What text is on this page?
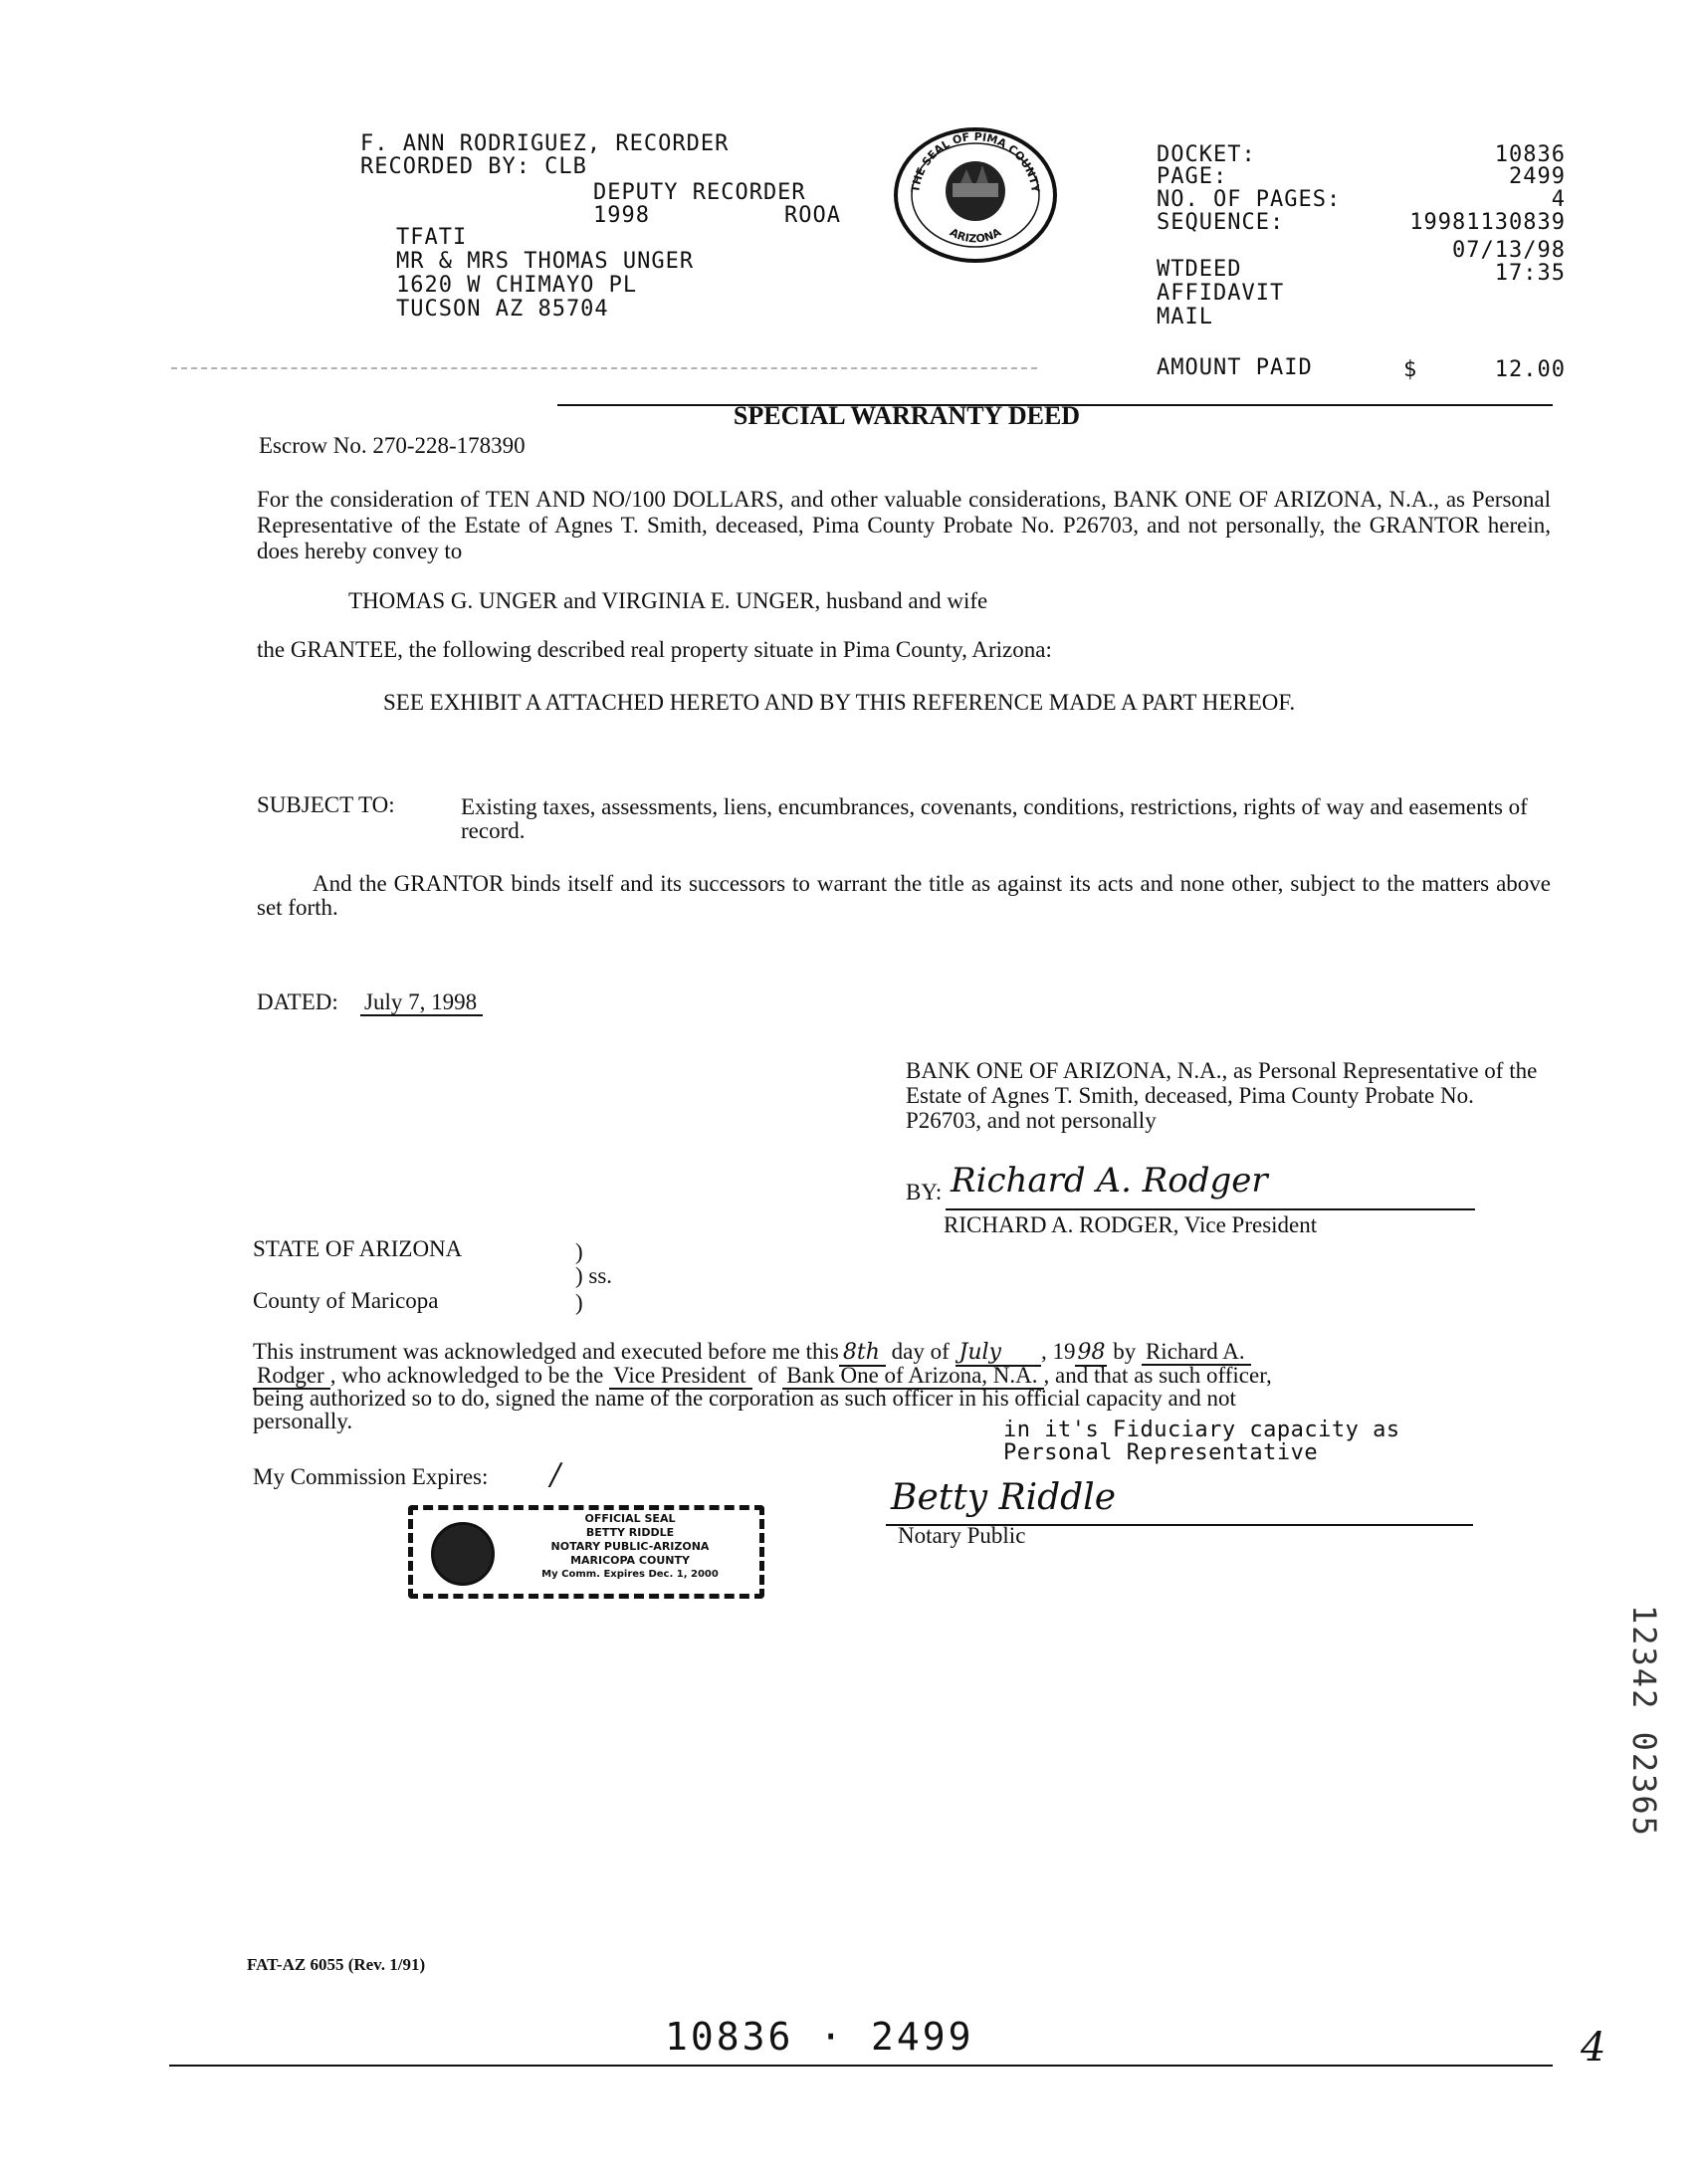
F. ANN RODRIGUEZ, RECORDER
RECORDED BY: CLB
DEPUTY RECORDER
1998	ROOA
TFATI
MR & MRS THOMAS UNGER
1620 W CHIMAYO PL
TUCSON AZ 85704
THE SEAL OF PIMA COUNTY
ARIZONA
DOCKET:	10836
PAGE:	2499
NO. OF PAGES:	4
SEQUENCE:	19981130839
07/13/98
WTDEED	17:35
AFFIDAVIT
MAIL
AMOUNT PAID	$	12.00
SPECIAL WARRANTY DEED
Escrow No. 270-228-178390
For the consideration of TEN AND NO/100 DOLLARS, and other valuable considerations, BANK ONE OF ARIZONA, N.A., as Personal Representative of the Estate of Agnes T. Smith, deceased, Pima County Probate No. P26703, and not personally, the GRANTOR herein, does hereby convey to
THOMAS G. UNGER and VIRGINIA E. UNGER, husband and wife
the GRANTEE, the following described real property situate in Pima County, Arizona:
SEE EXHIBIT A ATTACHED HERETO AND BY THIS REFERENCE MADE A PART HEREOF.
SUBJECT TO:	Existing taxes, assessments, liens, encumbrances, covenants, conditions, restrictions, rights of way and easements of record.
And the GRANTOR binds itself and its successors to warrant the title as against its acts and none other, subject to the matters above set forth.
DATED: July 7, 1998
BANK ONE OF ARIZONA, N.A., as Personal Representative of the Estate of Agnes T. Smith, deceased, Pima County Probate No. P26703, and not personally
BY: Richard A. Rodger
RICHARD A. RODGER, Vice President
STATE OF ARIZONA	)
) ss.
County of Maricopa	)
This instrument was acknowledged and executed before me this 8th day of July , 1998 by Richard A.
Rodger , who acknowledged to be the Vice President of Bank One of Arizona, N.A. , and that as such officer,
being authorized so to do, signed the name of the corporation as such officer in his official capacity and not
personally.	in it's Fiduciary capacity as
Personal Representative
My Commission Expires: /
Betty Riddle
Notary Public
OFFICIAL SEAL
BETTY RIDDLE
NOTARY PUBLIC-ARIZONA
MARICOPA COUNTY
My Comm. Expires Dec. 1, 2000
12342 02365
FAT-AZ 6055 (Rev. 1/91)
10836 · 2499	4
